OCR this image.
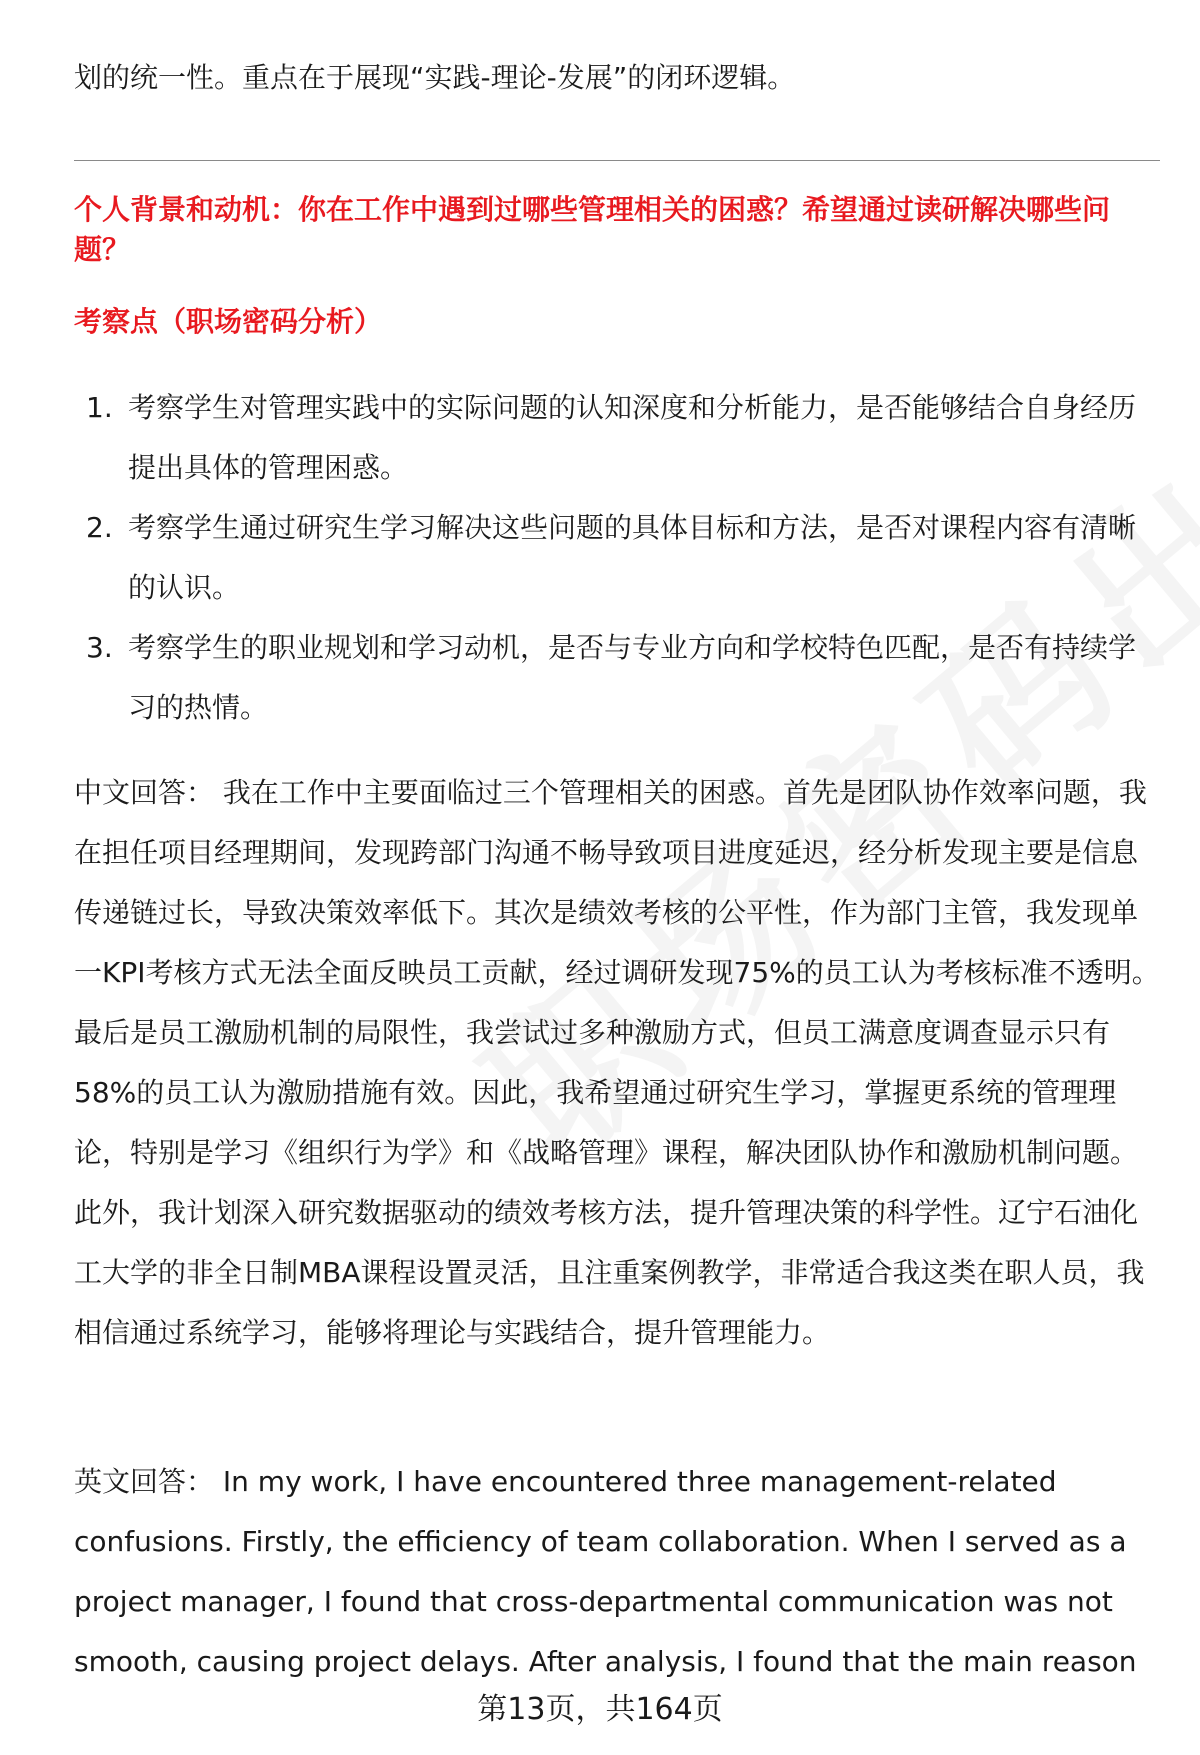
划的统一性。重点在于展现“实践-理论-发展”的闭环逻辑。

个人背景和动机：你在工作中遇到过哪些管理相关的困惑？希望通过读研解决哪些问题？

考察点（职场密码分析）

1. 考察学生对管理实践中的实际问题的认知深度和分析能力，是否能够结合自身经历提出具体的管理困惑。
2. 考察学生通过研究生学习解决这些问题的具体目标和方法，是否对课程内容有清晰的认识。
3. 考察学生的职业规划和学习动机，是否与专业方向和学校特色匹配，是否有持续学习的热情。

中文回答： 我在工作中主要面临过三个管理相关的困惑。首先是团队协作效率问题，我在担任项目经理期间，发现跨部门沟通不畅导致项目进度延迟，经分析发现主要是信息传递链过长，导致决策效率低下。其次是绩效考核的公平性，作为部门主管，我发现单一KPI考核方式无法全面反映员工贡献，经过调研发现75%的员工认为考核标准不透明。最后是员工激励机制的局限性，我尝试过多种激励方式，但员工满意度调查显示只有58%的员工认为激励措施有效。因此，我希望通过研究生学习，掌握更系统的管理理论，特别是学习《组织行为学》和《战略管理》课程，解决团队协作和激励机制问题。此外，我计划深入研究数据驱动的绩效考核方法，提升管理决策的科学性。辽宁石油化工大学的非全日制MBA课程设置灵活，且注重案例教学，非常适合我这类在职人员，我相信通过系统学习，能够将理论与实践结合，提升管理能力。

英文回答： In my work, I have encountered three management-related confusions. Firstly, the efficiency of team collaboration. When I served as a project manager, I found that cross-departmental communication was not smooth, causing project delays. After analysis, I found that the main reason

第13页，共164页
